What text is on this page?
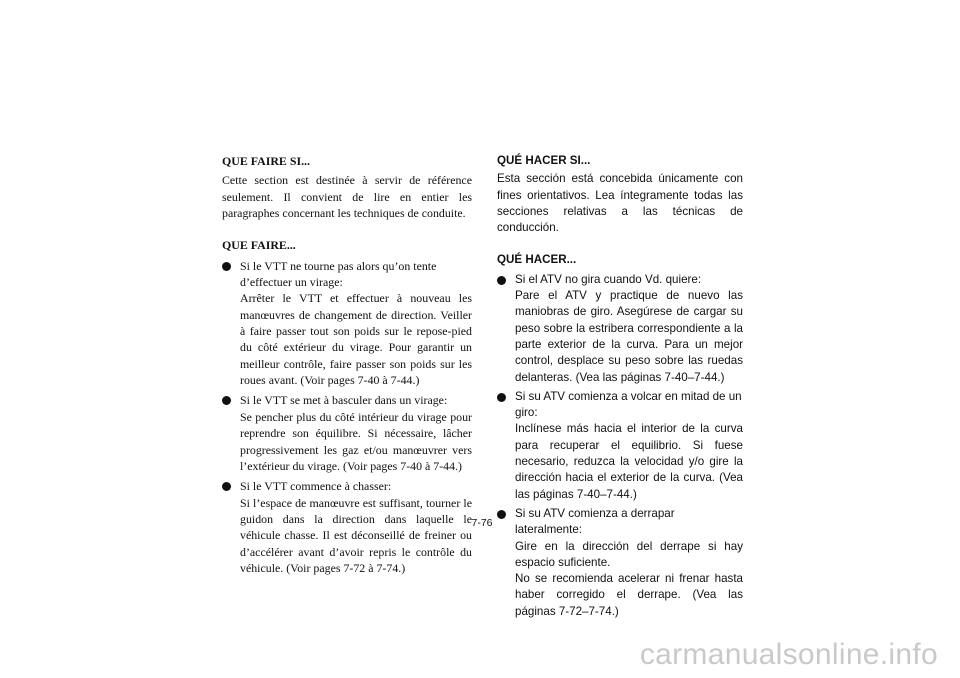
QUE FAIRE SI...

Cette section est destinée à servir de référence seulement. Il convient de lire en entier les paragraphes concernant les techniques de conduite.

QUE FAIRE...

Si le VTT ne tourne pas alors qu’on tente d’effectuer un virage:

Arrêter le VTT et effectuer à nouveau les manœuvres de changement de direction. Veiller à faire passer tout son poids sur le repose-pied du côté extérieur du virage. Pour garantir un meilleur contrôle, faire passer son poids sur les roues avant. (Voir pages 7-40 à 7-44.)

Si le VTT se met à basculer dans un virage:

Se pencher plus du côté intérieur du virage pour reprendre son équilibre. Si nécessaire, lâcher progressivement les gaz et/ou manœuvrer vers l’extérieur du virage. (Voir pages 7-40 à 7-44.)

Si le VTT commence à chasser:

Si l’espace de manœuvre est suffisant, tourner le guidon dans la direction dans laquelle le véhicule chasse. Il est déconseillé de freiner ou d’accélérer avant d’avoir repris le contrôle du véhicule. (Voir pages 7-72 à 7-74.)

QUÉ HACER SI...

Esta sección está concebida únicamente con fines orientativos. Lea íntegramente todas las secciones relativas a las técnicas de conducción.

QUÉ HACER...

Si el ATV no gira cuando Vd. quiere:

Pare el ATV y practique de nuevo las maniobras de giro. Asegúrese de cargar su peso sobre la estribera correspondiente a la parte exterior de la curva. Para un mejor control, desplace su peso sobre las ruedas delanteras. (Vea las páginas 7-40–7-44.)

Si su ATV comienza a volcar en mitad de un giro:

Inclínese más hacia el interior de la curva para recuperar el equilibrio. Si fuese necesario, reduzca la velocidad y/o gire la dirección hacia el exterior de la curva. (Vea las páginas 7-40–7-44.)

Si su ATV comienza a derrapar lateralmente:

Gire en la dirección del derrape si hay espacio suficiente.

No se recomienda acelerar ni frenar hasta haber corregido el derrape. (Vea las páginas 7-72–7-74.)

7-76
carmanualsonline.info
